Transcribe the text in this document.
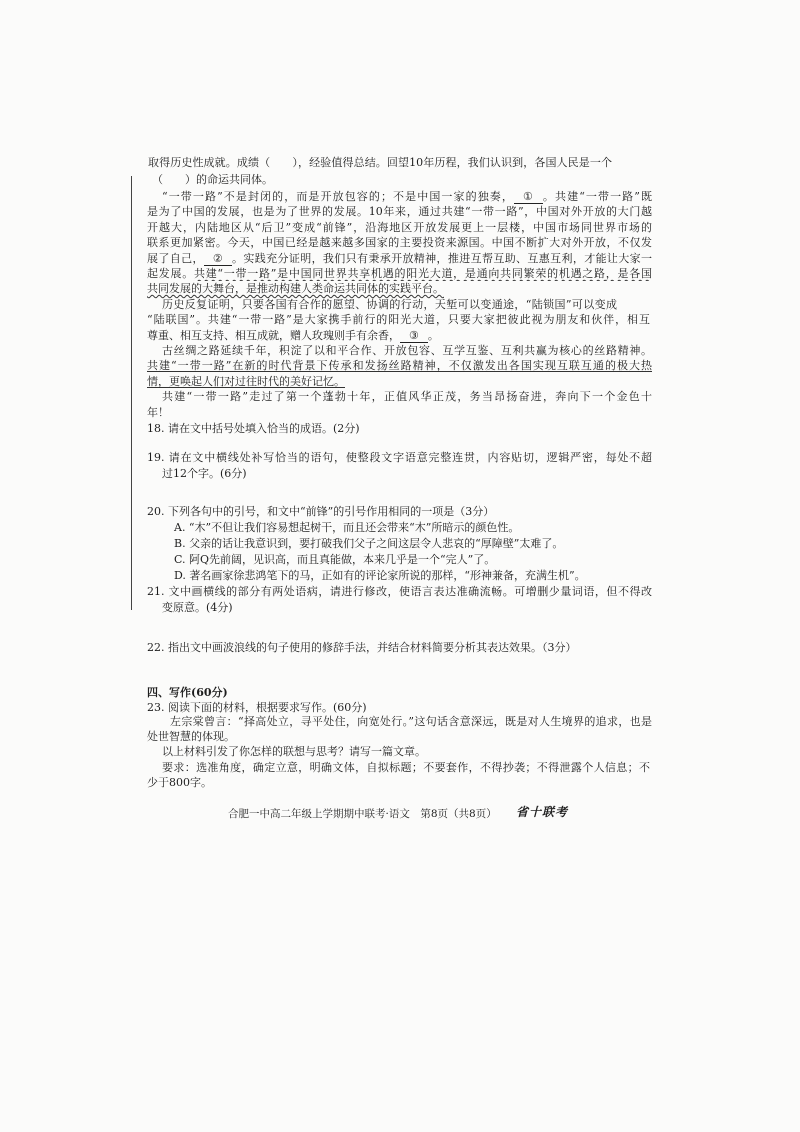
取得历史性成就。成绩（　　），经验值得总结。回望10年历程，我们认识到，各国人民是一个
（　　）的命运共同体。
“一带一路”不是封闭的，而是开放包容的；不是中国一家的独奏， ① 。共建“一带一路”既
是为了中国的发展，也是为了世界的发展。10年来，通过共建“一带一路”，中国对外开放的大门越
开越大，内陆地区从“后卫”变成“前锋”，沿海地区开放发展更上一层楼，中国市场同世界市场的
联系更加紧密。今天，中国已经是越来越多国家的主要投资来源国。中国不断扩大对外开放，不仅发
展了自己， ② 。实践充分证明，我们只有秉承开放精神，推进互帮互助、互惠互利，才能让大家一
起发展。共建“一带一路”是中国同世界共享机遇的阳光大道，是通向共同繁荣的机遇之路，是各国
共同发展的大舞台，是推动构建人类命运共同体的实践平台。
历史反复证明，只要各国有合作的愿望、协调的行动，天堑可以变通途，“陆锁国”可以变成
“陆联国”。共建“一带一路”是大家携手前行的阳光大道，只要大家把彼此视为朋友和伙伴，相互
尊重、相互支持、相互成就，赠人玫瑰则手有余香， ③ 。
古丝绸之路延续千年，积淀了以和平合作、开放包容、互学互鉴、互利共赢为核心的丝路精神。
共建“一带一路”在新的时代背景下传承和发扬丝路精神，不仅激发出各国实现互联互通的极大热
情，更唤起人们对过往时代的美好记忆。
共建“一带一路”走过了第一个蓬勃十年，正值风华正茂，务当昂扬奋进，奔向下一个金色十
年！
18. 请在文中括号处填入恰当的成语。(2分)
19. 请在文中横线处补写恰当的语句，使整段文字语意完整连贯，内容贴切，逻辑严密，每处不超
过12个字。(6分)
20. 下列各句中的引号，和文中“前锋”的引号作用相同的一项是（3分）
A. “木”不但让我们容易想起树干，而且还会带来“木”所暗示的颜色性。
B. 父亲的话让我意识到，要打破我们父子之间这层令人悲哀的“厚障壁”太难了。
C. 阿Q先前阔，见识高，而且真能做，本来几乎是一个“完人”了。
D. 著名画家徐悲鸿笔下的马，正如有的评论家所说的那样，“形神兼备，充满生机”。
21. 文中画横线的部分有两处语病，请进行修改，使语言表达准确流畅。可增删少量词语，但不得改
变原意。(4分)
22. 指出文中画波浪线的句子使用的修辞手法，并结合材料简要分析其表达效果。（3分）
四、写作(60分)
23. 阅读下面的材料，根据要求写作。(60分)
左宗棠曾言：“择高处立，寻平处住，向宽处行。”这句话含意深远，既是对人生境界的追求，也是
处世智慧的体现。
以上材料引发了你怎样的联想与思考？请写一篇文章。
要求：选准角度，确定立意，明确文体，自拟标题；不要套作，不得抄袭；不得泄露个人信息；不
少于800字。
合肥一中高二年级上学期期中联考·语文　第8页（共8页） 省十联考
